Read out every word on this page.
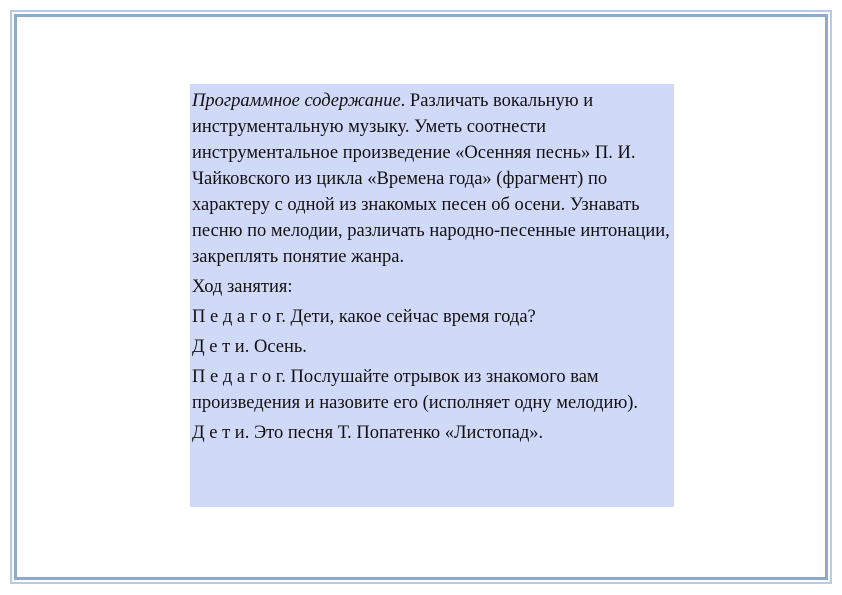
Программное содержание. Различать вокальную и инструментальную музыку. Уметь соотнести инструментальное произведение «Осенняя песнь» П. И. Чайковского из цикла «Времена года» (фрагмент) по характеру с одной из знакомых песен об осени. Узнавать песню по мелодии, различать народно-песенные интонации, закреплять понятие жанра.

Ход занятия:

П е д а г о г. Дети, какое сейчас время года?

Д е т и. Осень.

П е д а г о г. Послушайте отрывок из знакомого вам произведения и назовите его (исполняет одну мелодию).

Д е т и. Это песня Т. Попатенко «Листопад».
